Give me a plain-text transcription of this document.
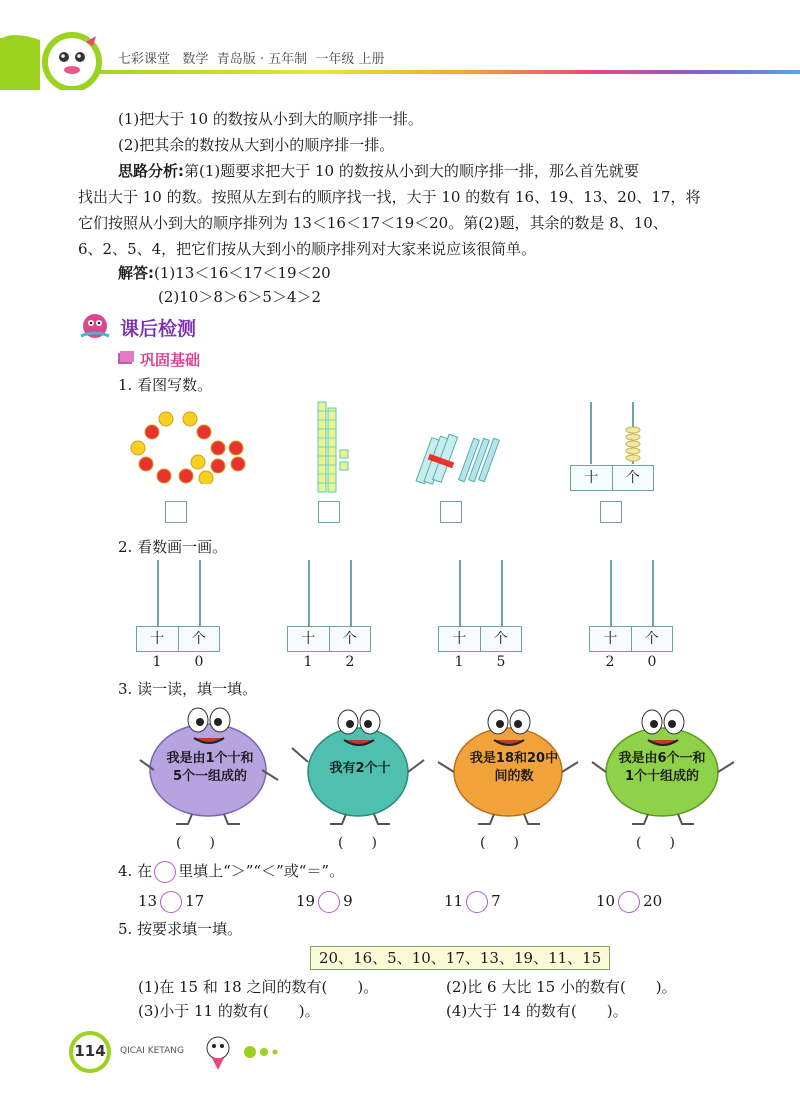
七彩课堂 数学 青岛版 · 五年制 一年级 上册
(1)把大于 10 的数按从小到大的顺序排一排。
(2)把其余的数按从大到小的顺序排一排。
思路分析:第(1)题要求把大于 10 的数按从小到大的顺序排一排，那么首先就要
找出大于 10 的数。按照从左到右的顺序找一找，大于 10 的数有 16、19、13、20、17，将
它们按照从小到大的顺序排列为 13＜16＜17＜19＜20。第(2)题，其余的数是 8、10、
6、2、5、4，把它们按从大到小的顺序排列对大家来说应该很简单。
解答:(1)13＜16＜17＜19＜20
(2)10＞8＞6＞5＞4＞2
课后检测
巩固基础
1. 看图写数。
十	个
2. 看数画一画。
十	个
1	0
十	个
1	2
十	个
1	5
十	个
2	0
3. 读一读，填一填。
我是由1个十和
5个一组成的
我有2个十
我是18和20中
间的数
我是由6个一和
1个十组成的
(　　)	(　　)	(　　)	(　　)
4. 在 里填上“＞”“＜”或“＝”。
13 17	19 9	11 7	10 20
5. 按要求填一填。
20、16、5、10、17、13、19、11、15
(1)在 15 和 18 之间的数有(　　)。	(2)比 6 大比 15 小的数有(　　)。
(3)小于 11 的数有(　　)。	(4)大于 14 的数有(　　)。
114	QICAI KETANG
